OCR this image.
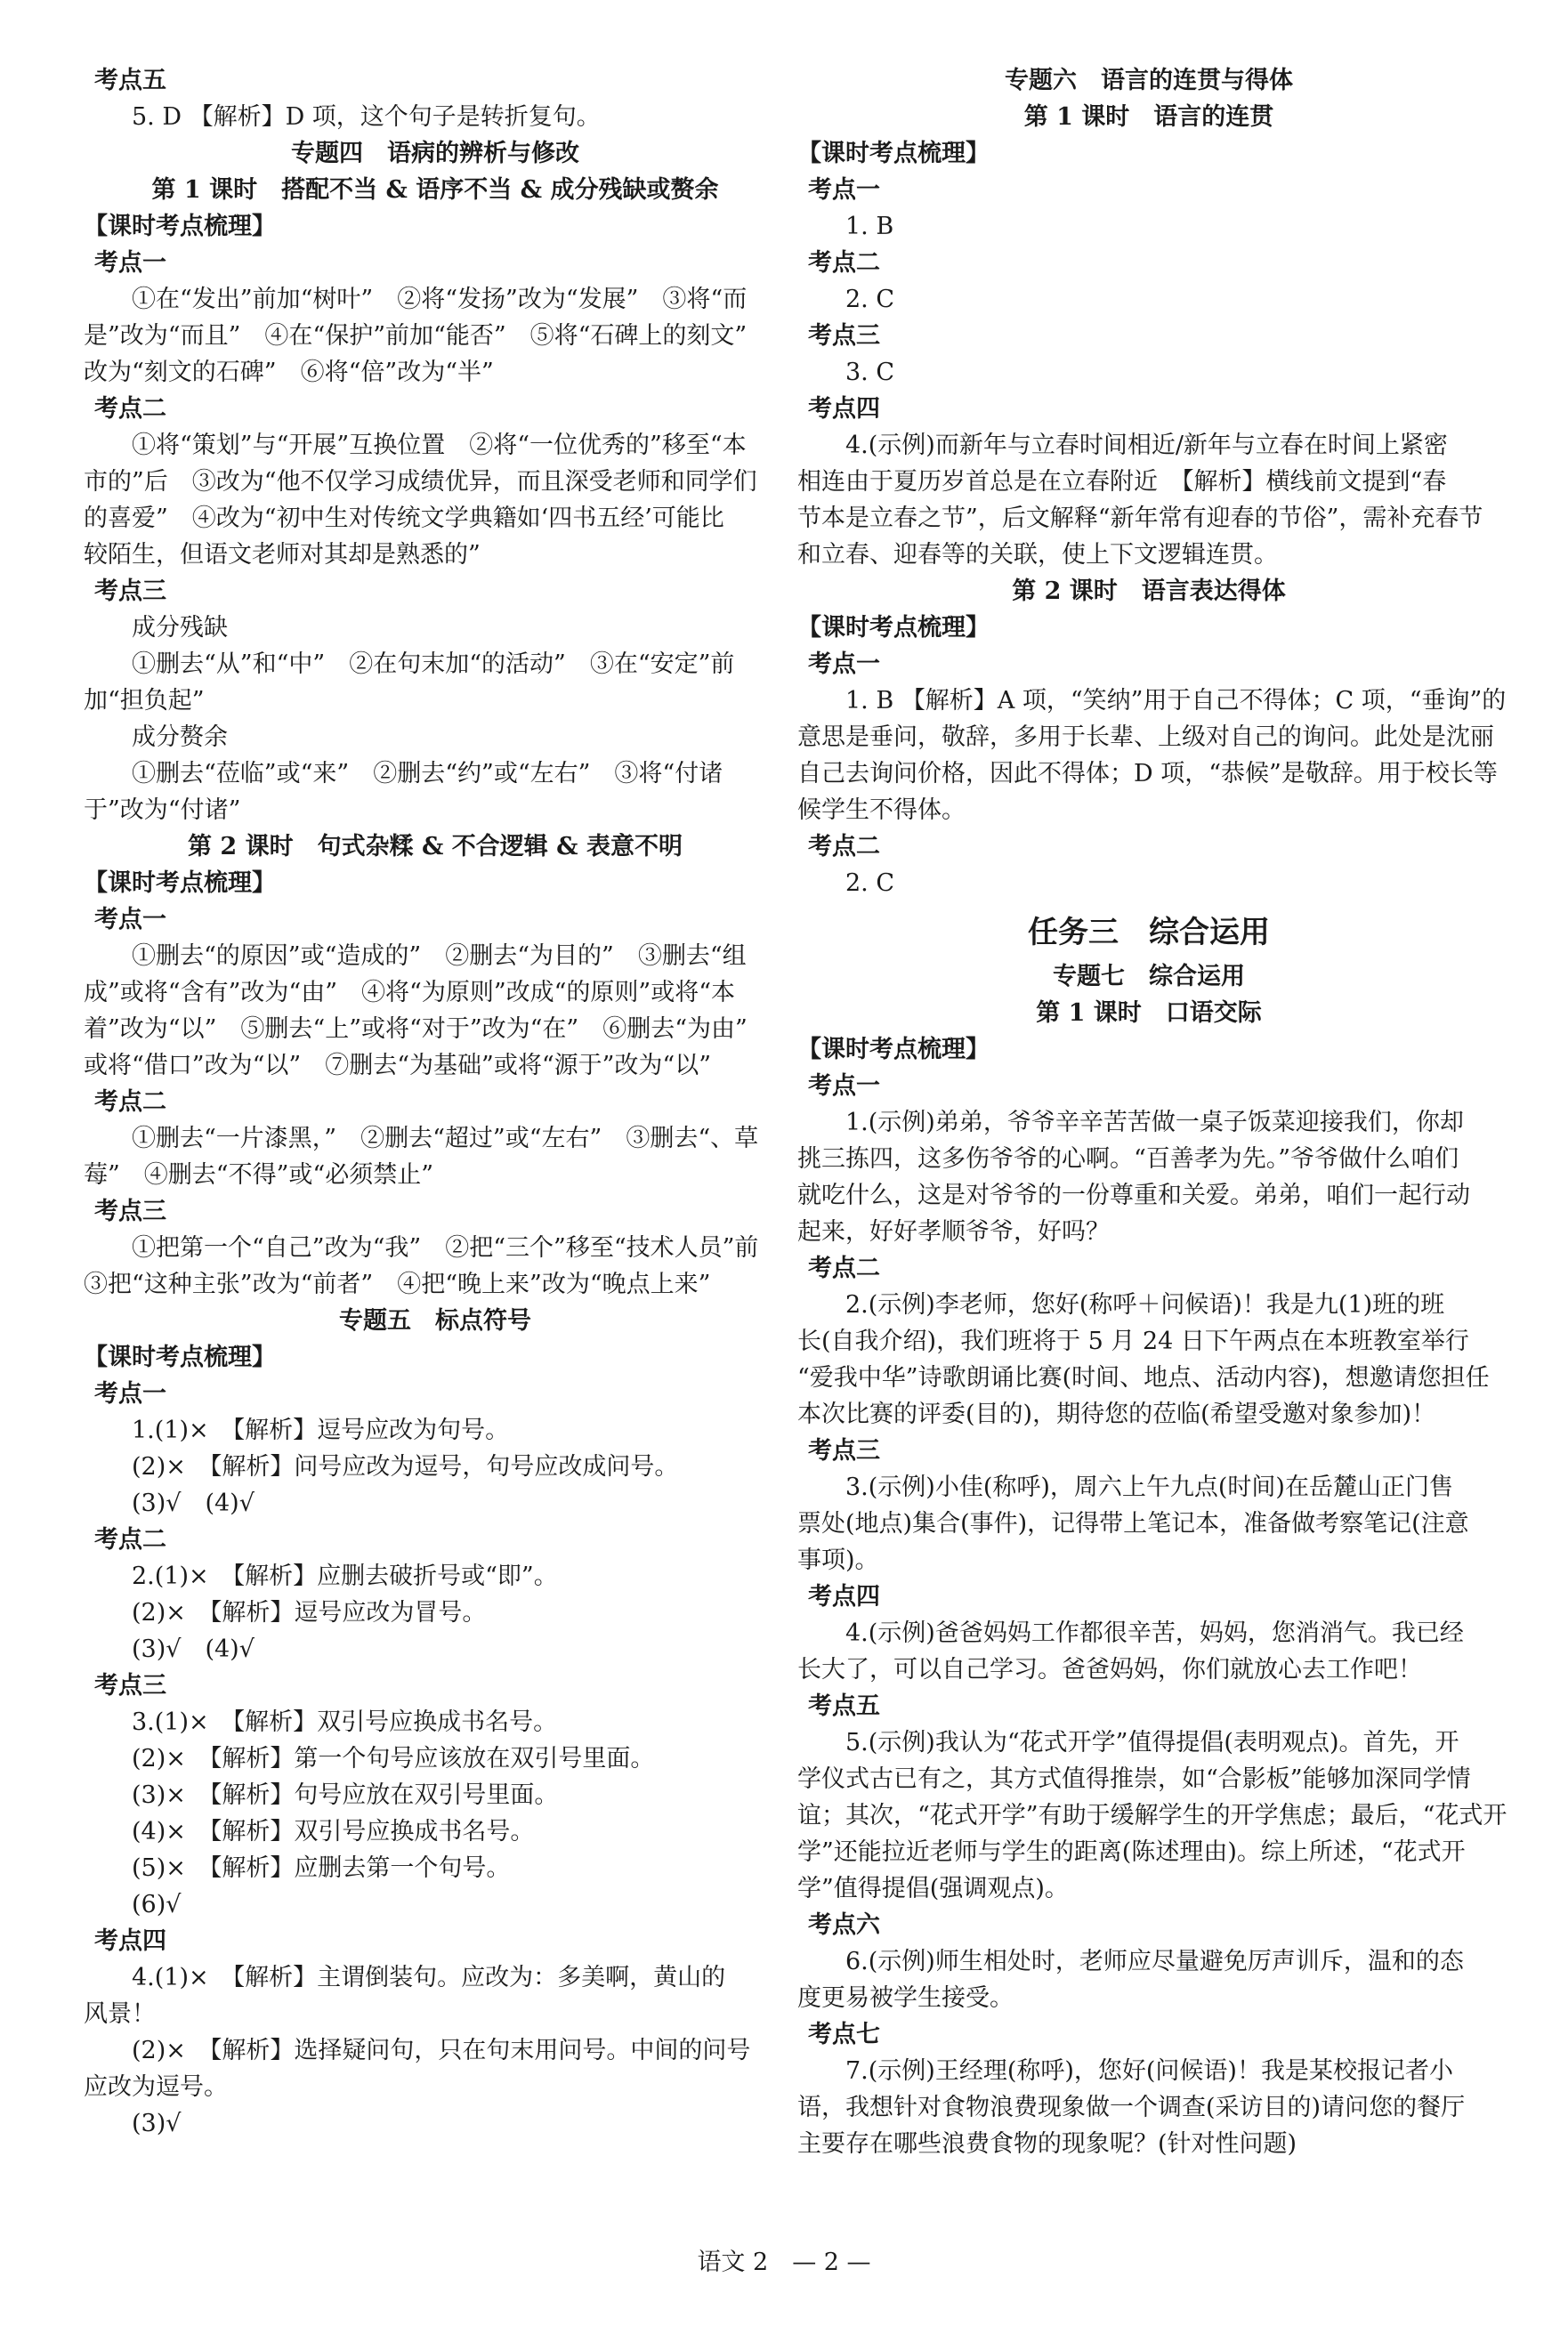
考点五
5. D 【解析】D 项，这个句子是转折复句。
专题四　语病的辨析与修改
第 1 课时　搭配不当 & 语序不当 & 成分残缺或赘余
【课时考点梳理】
考点一
①在“发出”前加“树叶”　②将“发扬”改为“发展”　③将“而
是”改为“而且”　④在“保护”前加“能否”　⑤将“石碑上的刻文”
改为“刻文的石碑”　⑥将“倍”改为“半”
考点二
①将“策划”与“开展”互换位置　②将“一位优秀的”移至“本
市的”后　③改为“他不仅学习成绩优异，而且深受老师和同学们
的喜爱”　④改为“初中生对传统文学典籍如‘四书五经’可能比
较陌生，但语文老师对其却是熟悉的”
考点三
成分残缺
①删去“从”和“中”　②在句末加“的活动”　③在“安定”前
加“担负起”
成分赘余
①删去“莅临”或“来”　②删去“约”或“左右”　③将“付诸
于”改为“付诸”
第 2 课时　句式杂糅 & 不合逻辑 & 表意不明
【课时考点梳理】
考点一
①删去“的原因”或“造成的”　②删去“为目的”　③删去“组
成”或将“含有”改为“由”　④将“为原则”改成“的原则”或将“本
着”改为“以”　⑤删去“上”或将“对于”改为“在”　⑥删去“为由”
或将“借口”改为“以”　⑦删去“为基础”或将“源于”改为“以”
考点二
①删去“一片漆黑，”　②删去“超过”或“左右”　③删去“、草
莓”　④删去“不得”或“必须禁止”
考点三
①把第一个“自己”改为“我”　②把“三个”移至“技术人员”前
③把“这种主张”改为“前者”　④把“晚上来”改为“晚点上来”
专题五　标点符号
【课时考点梳理】
考点一
1.(1)×　【解析】逗号应改为句号。
(2)×　【解析】问号应改为逗号，句号应改成问号。
(3)√　(4)√
考点二
2.(1)×　【解析】应删去破折号或“即”。
(2)×　【解析】逗号应改为冒号。
(3)√　(4)√
考点三
3.(1)×　【解析】双引号应换成书名号。
(2)×　【解析】第一个句号应该放在双引号里面。
(3)×　【解析】句号应放在双引号里面。
(4)×　【解析】双引号应换成书名号。
(5)×　【解析】应删去第一个句号。
(6)√
考点四
4.(1)×　【解析】主谓倒装句。应改为：多美啊，黄山的
风景！
(2)×　【解析】选择疑问句，只在句末用问号。中间的问号
应改为逗号。
(3)√
专题六　语言的连贯与得体
第 1 课时　语言的连贯
【课时考点梳理】
考点一
1. B
考点二
2. C
考点三
3. C
考点四
4.(示例)而新年与立春时间相近/新年与立春在时间上紧密
相连由于夏历岁首总是在立春附近　【解析】横线前文提到“春
节本是立春之节”，后文解释“新年常有迎春的节俗”，需补充春节
和立春、迎春等的关联，使上下文逻辑连贯。
第 2 课时　语言表达得体
【课时考点梳理】
考点一
1. B 【解析】A 项，“笑纳”用于自己不得体；C 项，“垂询”的
意思是垂问，敬辞，多用于长辈、上级对自己的询问。此处是沈丽
自己去询问价格，因此不得体；D 项，“恭候”是敬辞。用于校长等
候学生不得体。
考点二
2. C
任务三　综合运用
专题七　综合运用
第 1 课时　口语交际
【课时考点梳理】
考点一
1.(示例)弟弟，爷爷辛辛苦苦做一桌子饭菜迎接我们，你却
挑三拣四，这多伤爷爷的心啊。“百善孝为先。”爷爷做什么咱们
就吃什么，这是对爷爷的一份尊重和关爱。弟弟，咱们一起行动
起来，好好孝顺爷爷，好吗？
考点二
2.(示例)李老师，您好(称呼＋问候语)！我是九(1)班的班
长(自我介绍)，我们班将于 5 月 24 日下午两点在本班教室举行
“爱我中华”诗歌朗诵比赛(时间、地点、活动内容)，想邀请您担任
本次比赛的评委(目的)，期待您的莅临(希望受邀对象参加)！
考点三
3.(示例)小佳(称呼)，周六上午九点(时间)在岳麓山正门售
票处(地点)集合(事件)，记得带上笔记本，准备做考察笔记(注意
事项)。
考点四
4.(示例)爸爸妈妈工作都很辛苦，妈妈，您消消气。我已经
长大了，可以自己学习。爸爸妈妈，你们就放心去工作吧！
考点五
5.(示例)我认为“花式开学”值得提倡(表明观点)。首先，开
学仪式古已有之，其方式值得推崇，如“合影板”能够加深同学情
谊；其次，“花式开学”有助于缓解学生的开学焦虑；最后，“花式开
学”还能拉近老师与学生的距离(陈述理由)。综上所述，“花式开
学”值得提倡(强调观点)。
考点六
6.(示例)师生相处时，老师应尽量避免厉声训斥，温和的态
度更易被学生接受。
考点七
7.(示例)王经理(称呼)，您好(问候语)！我是某校报记者小
语，我想针对食物浪费现象做一个调查(采访目的)请问您的餐厅
主要存在哪些浪费食物的现象呢？(针对性问题)
语文 2　— 2 —
